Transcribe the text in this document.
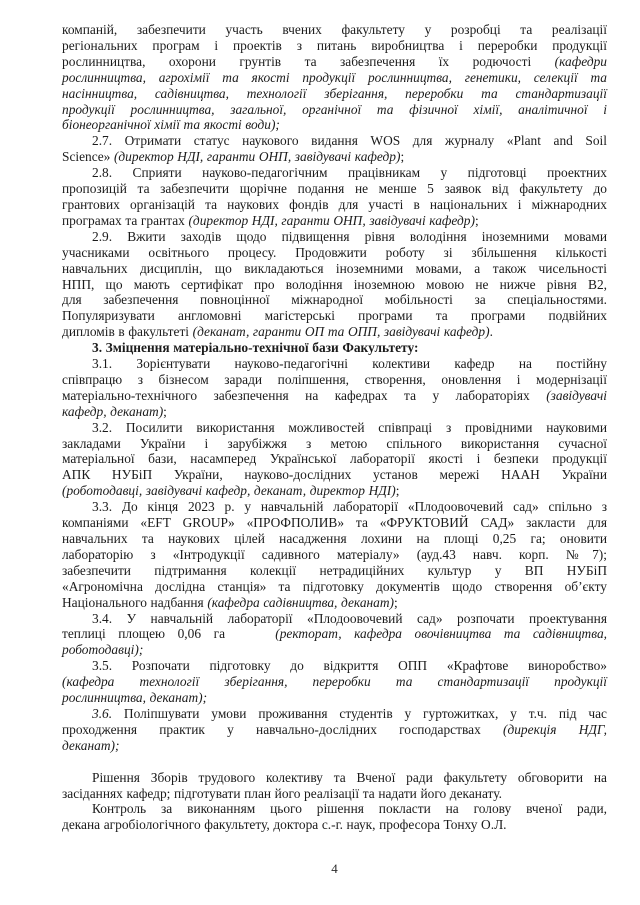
компаній, забезпечити участь вчених факультету у розробці та реалізації
регіональних програм і проектів з питань виробництва і переробки продукції
рослинництва, охорони грунтів та забезпечення їх родючості (кафедри
рослинництва, агрохімії та якості продукції рослинництва, генетики, селекції та
насінництва, садівництва, технології зберігання, переробки та стандартизації
продукції рослинництва, загальної, органічної та фізичної хімії, аналітичної і
біонеорганічної хімії та якості води);
2.7. Отримати статус наукового видання WOS для журналу «Plant and Soil
Science» (директор НДІ, гаранти ОНП, завідувачі кафедр);
2.8. Сприяти науково-педагогічним працівникам у підготовці проектних
пропозицій та забезпечити щорічне подання не менше 5 заявок від факультету до
грантових організацій та наукових фондів для участі в національних і міжнародних
програмах та грантах (директор НДІ, гаранти ОНП, завідувачі кафедр);
2.9. Вжити заходів щодо підвищення рівня володіння іноземними мовами
учасниками освітнього процесу. Продовжити роботу зі збільшення кількості
навчальних дисциплін, що викладаються іноземними мовами, а також чисельності
НПП, що мають сертифікат про володіння іноземною мовою не нижче рівня В2,
для забезпечення повноцінної міжнародної мобільності за спеціальностями.
Популяризувати англомовні магістерські програми та програми подвійних
дипломів в факультеті (деканат, гаранти ОП та ОПП, завідувачі кафедр).
3. Зміцнення матеріально-технічної бази Факультету:
3.1. Зорієнтувати науково-педагогічні колективи кафедр на постійну
співпрацю з бізнесом заради поліпшення, створення, оновлення і модернізації
матеріально-технічного забезпечення на кафедрах та у лабораторіях (завідувачі
кафедр, деканат);
3.2. Посилити використання можливостей співпраці з провідними науковими
закладами України і зарубіжжя з метою спільного використання сучасної
матеріальної бази, насамперед Української лабораторії якості і безпеки продукції
АПК НУБіП України, науково-дослідних установ мережі НААН України
(роботодавці, завідувачі кафедр, деканат, директор НДІ);
3.3. До кінця 2023 р. у навчальній лабораторії «Плодоовочевий сад» спільно з
компаніями «EFT GROUP» «ПРОФПОЛИВ» та «ФРУКТОВИЙ САД» закласти для
навчальних та наукових цілей насадження лохини на площі 0,25 га; оновити
лабораторію з «Інтродукції садивного матеріалу» (ауд.43 навч. корп. №7);
забезпечити підтримання колекції нетрадиційних культур у ВП НУБіП
«Агрономічна дослідна станція» та підготовку документів щодо створення об’єкту
Національного надбання (кафедра садівництва, деканат);
3.4. У навчальній лабораторії «Плодоовочевий сад» розпочати проектування
теплиці площею 0,06 га    (ректорат, кафедра овочівництва та садівництва,
роботодавці);
3.5. Розпочати підготовку до відкриття ОПП «Крафтове виноробство»
(кафедра технології зберігання, переробки та стандартизації продукції
рослинництва, деканат);
3.6. Поліпшувати умови проживання студентів у гуртожитках, у т.ч. під час
проходження практик у навчально-дослідних господарствах (дирекція НДГ,
деканат);

Рішення Зборів трудового колективу та Вченої ради факультету обговорити на
засіданнях кафедр; підготувати план його реалізації та надати його деканату.
Контроль за виконанням цього рішення покласти на голову вченої ради,
декана агробіологічного факультету, доктора с.-г. наук, професора Тонху О.Л.
4
